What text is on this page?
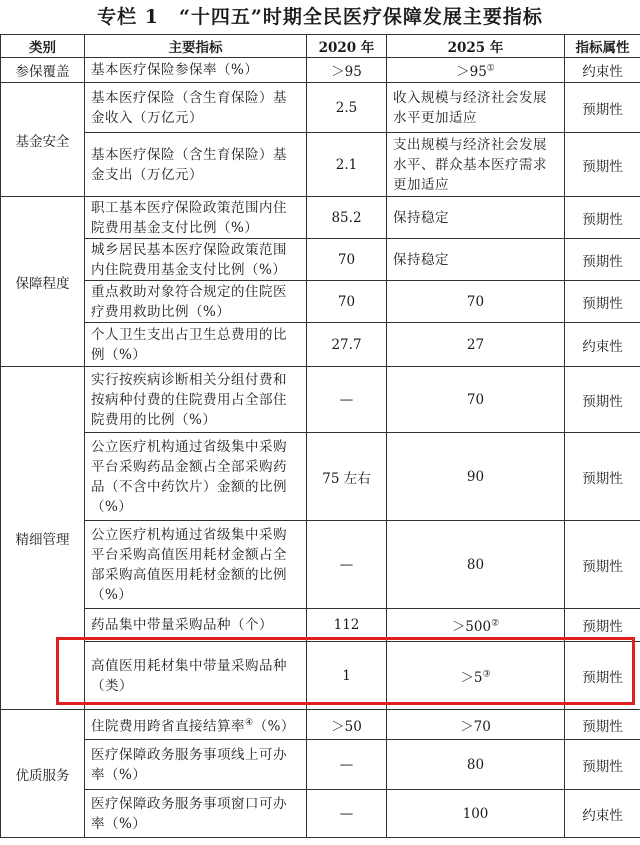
专栏 1　“十四五”时期全民医疗保障发展主要指标
类别	主要指标	2020 年	2025 年	指标属性
参保覆盖	基本医疗保险参保率（%）	＞95	＞95①	约束性
基金安全	基本医疗保险（含生育保险）基金收入（万亿元）	2.5	收入规模与经济社会发展水平更加适应	预期性
	基本医疗保险（含生育保险）基金支出（万亿元）	2.1	支出规模与经济社会发展水平、群众基本医疗需求更加适应	预期性
保障程度	职工基本医疗保险政策范围内住院费用基金支付比例（%）	85.2	保持稳定	预期性
	城乡居民基本医疗保险政策范围内住院费用基金支付比例（%）	70	保持稳定	预期性
	重点救助对象符合规定的住院医疗费用救助比例（%）	70	70	预期性
	个人卫生支出占卫生总费用的比例（%）	27.7	27	约束性
精细管理	实行按疾病诊断相关分组付费和按病种付费的住院费用占全部住院费用的比例（%）	—	70	预期性
	公立医疗机构通过省级集中采购平台采购药品金额占全部采购药品（不含中药饮片）金额的比例（%）	75 左右	90	预期性
	公立医疗机构通过省级集中采购平台采购高值医用耗材金额占全部采购高值医用耗材金额的比例（%）	—	80	预期性
	药品集中带量采购品种（个）	112	＞500②	预期性
	高值医用耗材集中带量采购品种（类）	1	＞5③	预期性
优质服务	住院费用跨省直接结算率④（%）	＞50	＞70	预期性
	医疗保障政务服务事项线上可办率（%）	—	80	预期性
	医疗保障政务服务事项窗口可办率（%）	—	100	约束性
